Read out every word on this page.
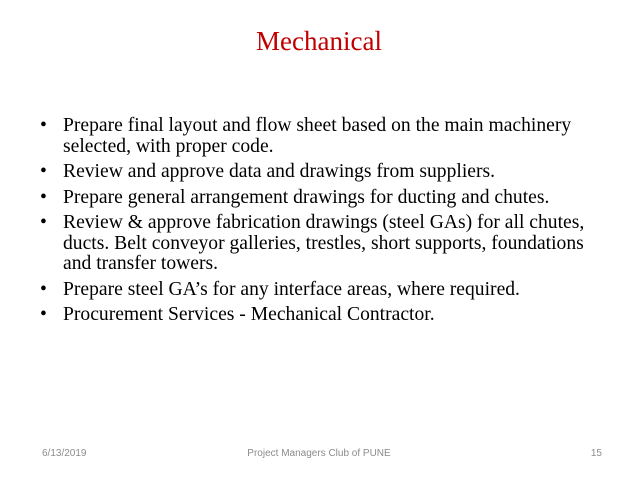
Mechanical
• Prepare final layout and flow sheet based on the main machinery selected, with proper code.
• Review and approve data and drawings from suppliers.
• Prepare general arrangement drawings for ducting and chutes.
• Review & approve fabrication drawings (steel GAs) for all chutes, ducts. Belt conveyor galleries, trestles, short supports, foundations and transfer towers.
• Prepare steel GA’s for any interface areas, where required.
• Procurement Services - Mechanical Contractor.
6/13/2019	Project Managers Club of PUNE	15
